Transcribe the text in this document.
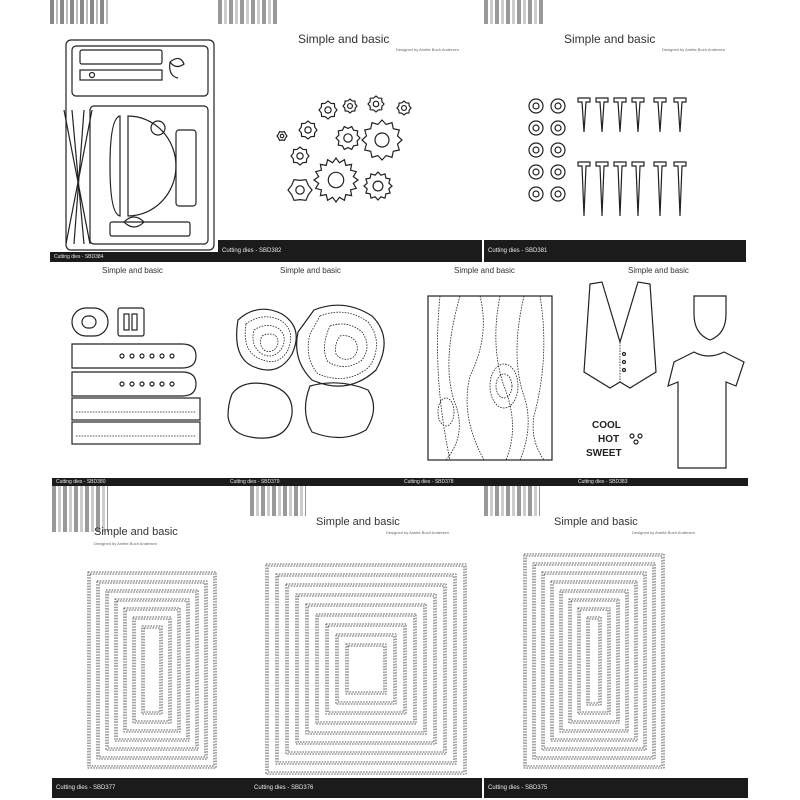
Cutting dies - SBD384
Simple and basic
Designed by Anette Buch Andersen
Cutting dies - SBD382
Simple and basic
Designed by Anette Buch Andersen
Cutting dies - SBD381
Simple and basic
Cutting dies - SBD380
Simple and basic
Cutting dies - SBD379
Simple and basic
Cutting dies - SBD378
Simple and basic
COOL
HOT
SWEET
Cutting dies - SBD383
Simple and basic
Designed by Anette Buch Andersen
Cutting dies - SBD377
Simple and basic
Designed by Anette Buch Andersen
Cutting dies - SBD376
Simple and basic
Designed by Anette Buch Andersen
Cutting dies - SBD375
